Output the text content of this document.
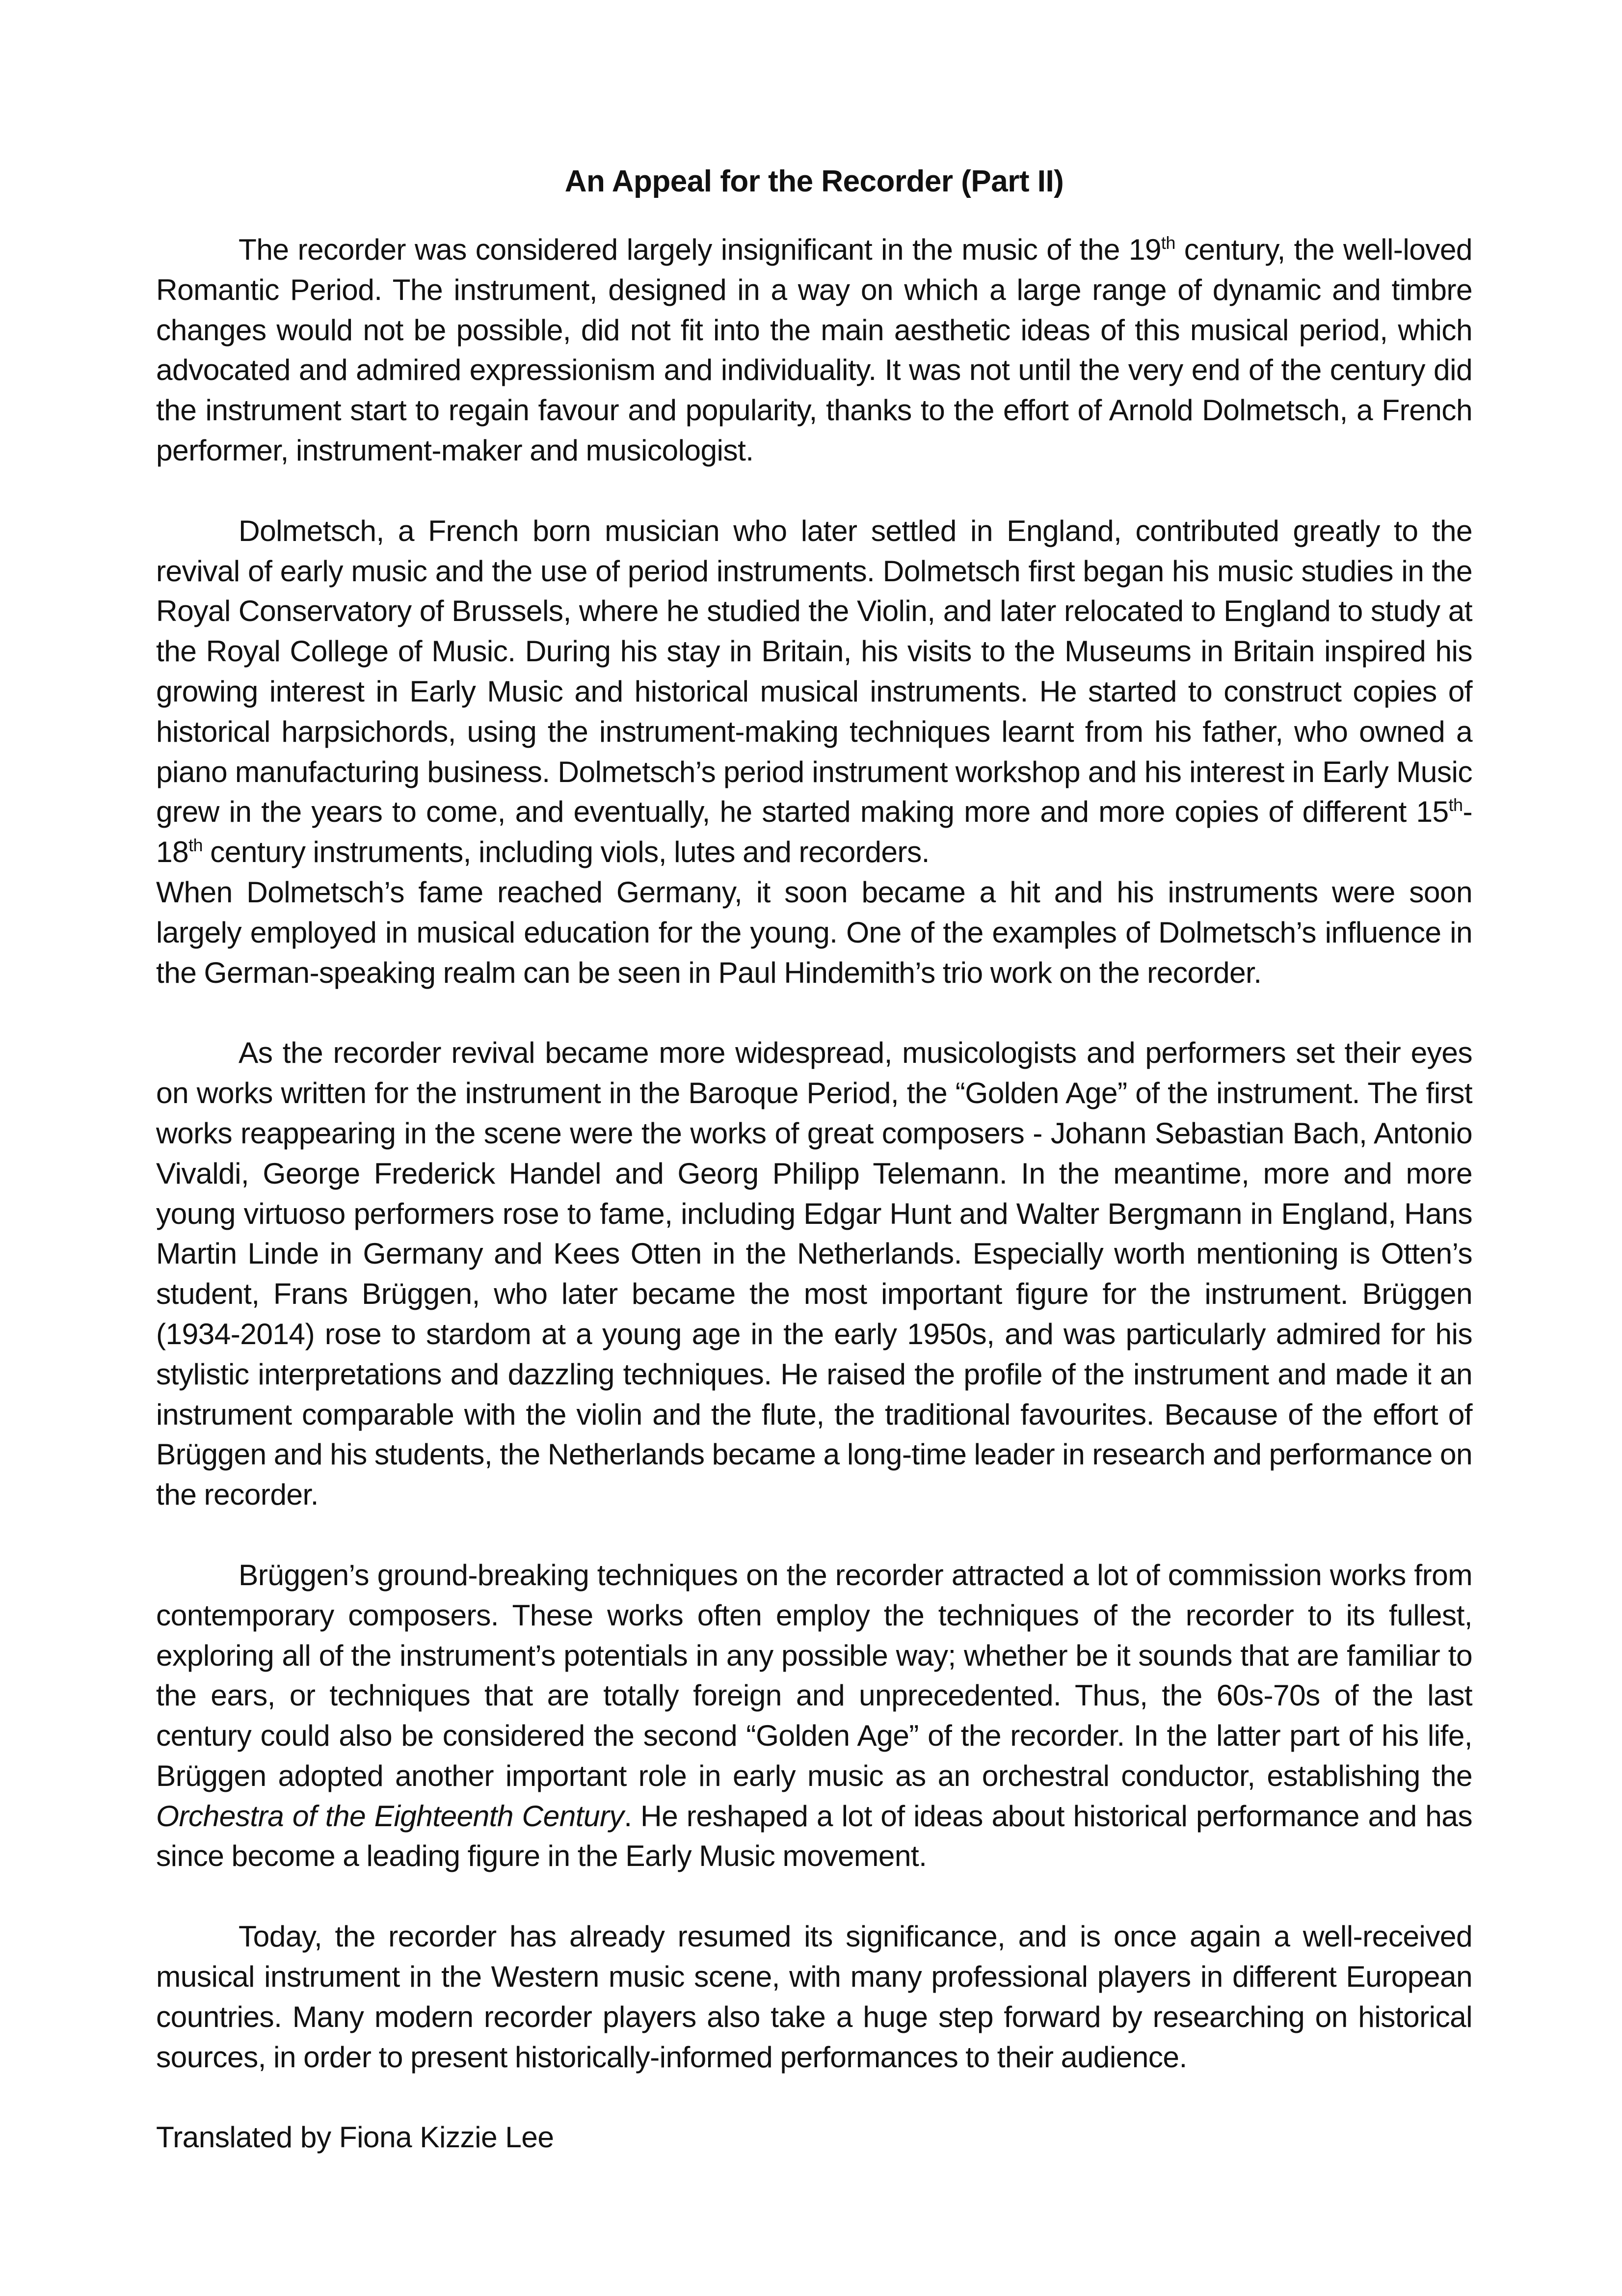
An Appeal for the Recorder (Part II)

The recorder was considered largely insignificant in the music of the 19th century, the well-loved Romantic Period. The instrument, designed in a way on which a large range of dynamic and timbre changes would not be possible, did not fit into the main aesthetic ideas of this musical period, which advocated and admired expressionism and individuality. It was not until the very end of the century did the instrument start to regain favour and popularity, thanks to the effort of Arnold Dolmetsch, a French performer, instrument-maker and musicologist.

Dolmetsch, a French born musician who later settled in England, contributed greatly to the revival of early music and the use of period instruments. Dolmetsch first began his music studies in the Royal Conservatory of Brussels, where he studied the Violin, and later relocated to England to study at the Royal College of Music. During his stay in Britain, his visits to the Museums in Britain inspired his growing interest in Early Music and historical musical instruments. He started to construct copies of historical harpsichords, using the instrument-making techniques learnt from his father, who owned a piano manufacturing business. Dolmetsch’s period instrument workshop and his interest in Early Music grew in the years to come, and eventually, he started making more and more copies of different 15th-18th century instruments, including viols, lutes and recorders.

When Dolmetsch’s fame reached Germany, it soon became a hit and his instruments were soon largely employed in musical education for the young. One of the examples of Dolmetsch’s influence in the German-speaking realm can be seen in Paul Hindemith’s trio work on the recorder.

As the recorder revival became more widespread, musicologists and performers set their eyes on works written for the instrument in the Baroque Period, the “Golden Age” of the instrument. The first works reappearing in the scene were the works of great composers - Johann Sebastian Bach, Antonio Vivaldi, George Frederick Handel and Georg Philipp Telemann. In the meantime, more and more young virtuoso performers rose to fame, including Edgar Hunt and Walter Bergmann in England, Hans Martin Linde in Germany and Kees Otten in the Netherlands. Especially worth mentioning is Otten’s student, Frans Brüggen, who later became the most important figure for the instrument. Brüggen (1934-2014) rose to stardom at a young age in the early 1950s, and was particularly admired for his stylistic interpretations and dazzling techniques. He raised the profile of the instrument and made it an instrument comparable with the violin and the flute, the traditional favourites. Because of the effort of Brüggen and his students, the Netherlands became a long-time leader in research and performance on the recorder.

Brüggen’s ground-breaking techniques on the recorder attracted a lot of commission works from contemporary composers. These works often employ the techniques of the recorder to its fullest, exploring all of the instrument’s potentials in any possible way; whether be it sounds that are familiar to the ears, or techniques that are totally foreign and unprecedented. Thus, the 60s-70s of the last century could also be considered the second “Golden Age” of the recorder. In the latter part of his life, Brüggen adopted another important role in early music as an orchestral conductor, establishing the Orchestra of the Eighteenth Century. He reshaped a lot of ideas about historical performance and has since become a leading figure in the Early Music movement.

Today, the recorder has already resumed its significance, and is once again a well-received musical instrument in the Western music scene, with many professional players in different European countries. Many modern recorder players also take a huge step forward by researching on historical sources, in order to present historically-informed performances to their audience.

Translated by Fiona Kizzie Lee
